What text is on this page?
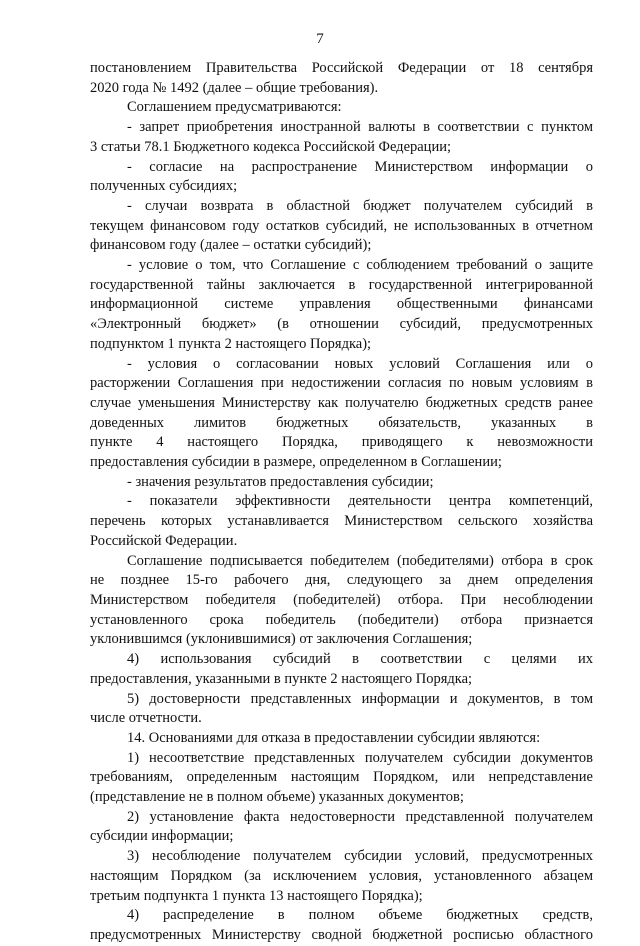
7
постановлением Правительства Российской Федерации от 18 сентября
2020 года № 1492 (далее – общие требования).
Соглашением предусматриваются:
- запрет приобретения иностранной валюты в соответствии с пунктом
3 статьи 78.1 Бюджетного кодекса Российской Федерации;
- согласие на распространение Министерством информации о
полученных субсидиях;
- случаи возврата в областной бюджет получателем субсидий в
текущем финансовом году остатков субсидий, не использованных в отчетном
финансовом году (далее – остатки субсидий);
- условие о том, что Соглашение с соблюдением требований о защите
государственной тайны заключается в государственной интегрированной
информационной системе управления общественными финансами
«Электронный бюджет» (в отношении субсидий, предусмотренных
подпунктом 1 пункта 2 настоящего Порядка);
- условия о согласовании новых условий Соглашения или о
расторжении Соглашения при недостижении согласия по новым условиям в
случае уменьшения Министерству как получателю бюджетных средств ранее
доведенных лимитов бюджетных обязательств, указанных в
пункте 4 настоящего Порядка, приводящего к невозможности
предоставления субсидии в размере, определенном в Соглашении;
- значения результатов предоставления субсидии;
- показатели эффективности деятельности центра компетенций,
перечень которых устанавливается Министерством сельского хозяйства
Российской Федерации.
Соглашение подписывается победителем (победителями) отбора в срок
не позднее 15-го рабочего дня, следующего за днем определения
Министерством победителя (победителей) отбора. При несоблюдении
установленного срока победитель (победители) отбора признается
уклонившимся (уклонившимися) от заключения Соглашения;
4) использования субсидий в соответствии с целями их
предоставления, указанными в пункте 2 настоящего Порядка;
5) достоверности представленных информации и документов, в том
числе отчетности.
14. Основаниями для отказа в предоставлении субсидии являются:
1) несоответствие представленных получателем субсидии документов
требованиям, определенным настоящим Порядком, или непредставление
(представление не в полном объеме) указанных документов;
2) установление факта недостоверности представленной получателем
субсидии информации;
3) несоблюдение получателем субсидии условий, предусмотренных
настоящим Порядком (за исключением условия, установленного абзацем
третьим подпункта 1 пункта 13 настоящего Порядка);
4) распределение в полном объеме бюджетных средств,
предусмотренных Министерству сводной бюджетной росписью областного
